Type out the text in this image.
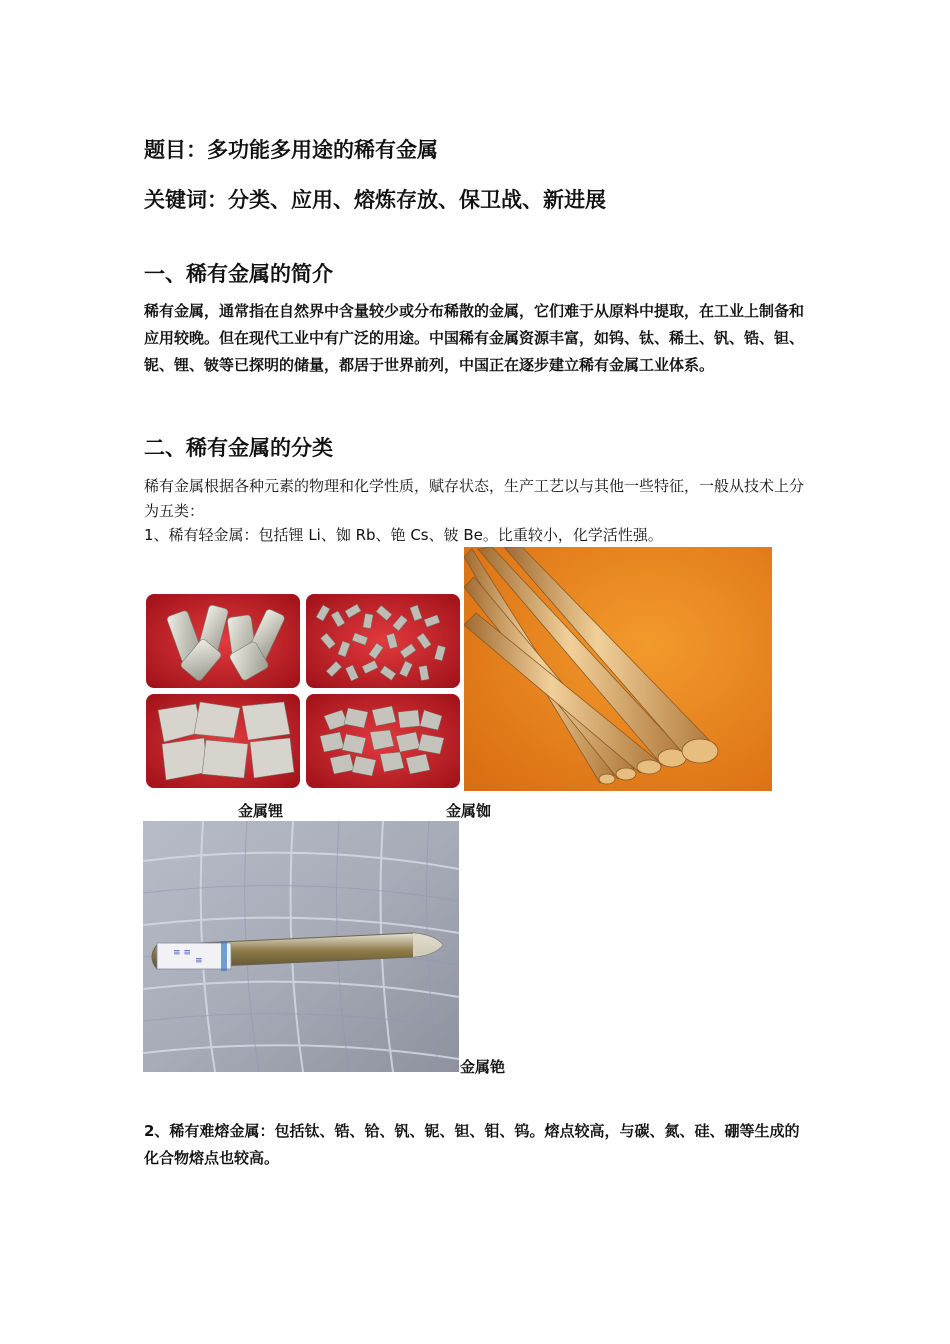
题目：多功能多用途的稀有金属
关键词：分类、应用、熔炼存放、保卫战、新进展
一、稀有金属的简介

稀有金属，通常指在自然界中含量较少或分布稀散的金属，它们难于从原料中提取，在工业上制备和应用较晚。但在现代工业中有广泛的用途。中国稀有金属资源丰富，如钨、钛、稀土、钒、锆、钽、铌、锂、铍等已探明的储量，都居于世界前列，中国正在逐步建立稀有金属工业体系。

二、稀有金属的分类

稀有金属根据各种元素的物理和化学性质，赋存状态，生产工艺以与其他一些特征，一般从技术上分为五类：

1、稀有轻金属：包括锂 Li、铷 Rb、铯 Cs、铍 Be。比重较小，化学活性强。

金属锂	金属铷
≡ ≡
≡
金属铯

2、稀有难熔金属：包括钛、锆、铪、钒、铌、钽、钼、钨。熔点较高，与碳、氮、硅、硼等生成的化合物熔点也较高。
